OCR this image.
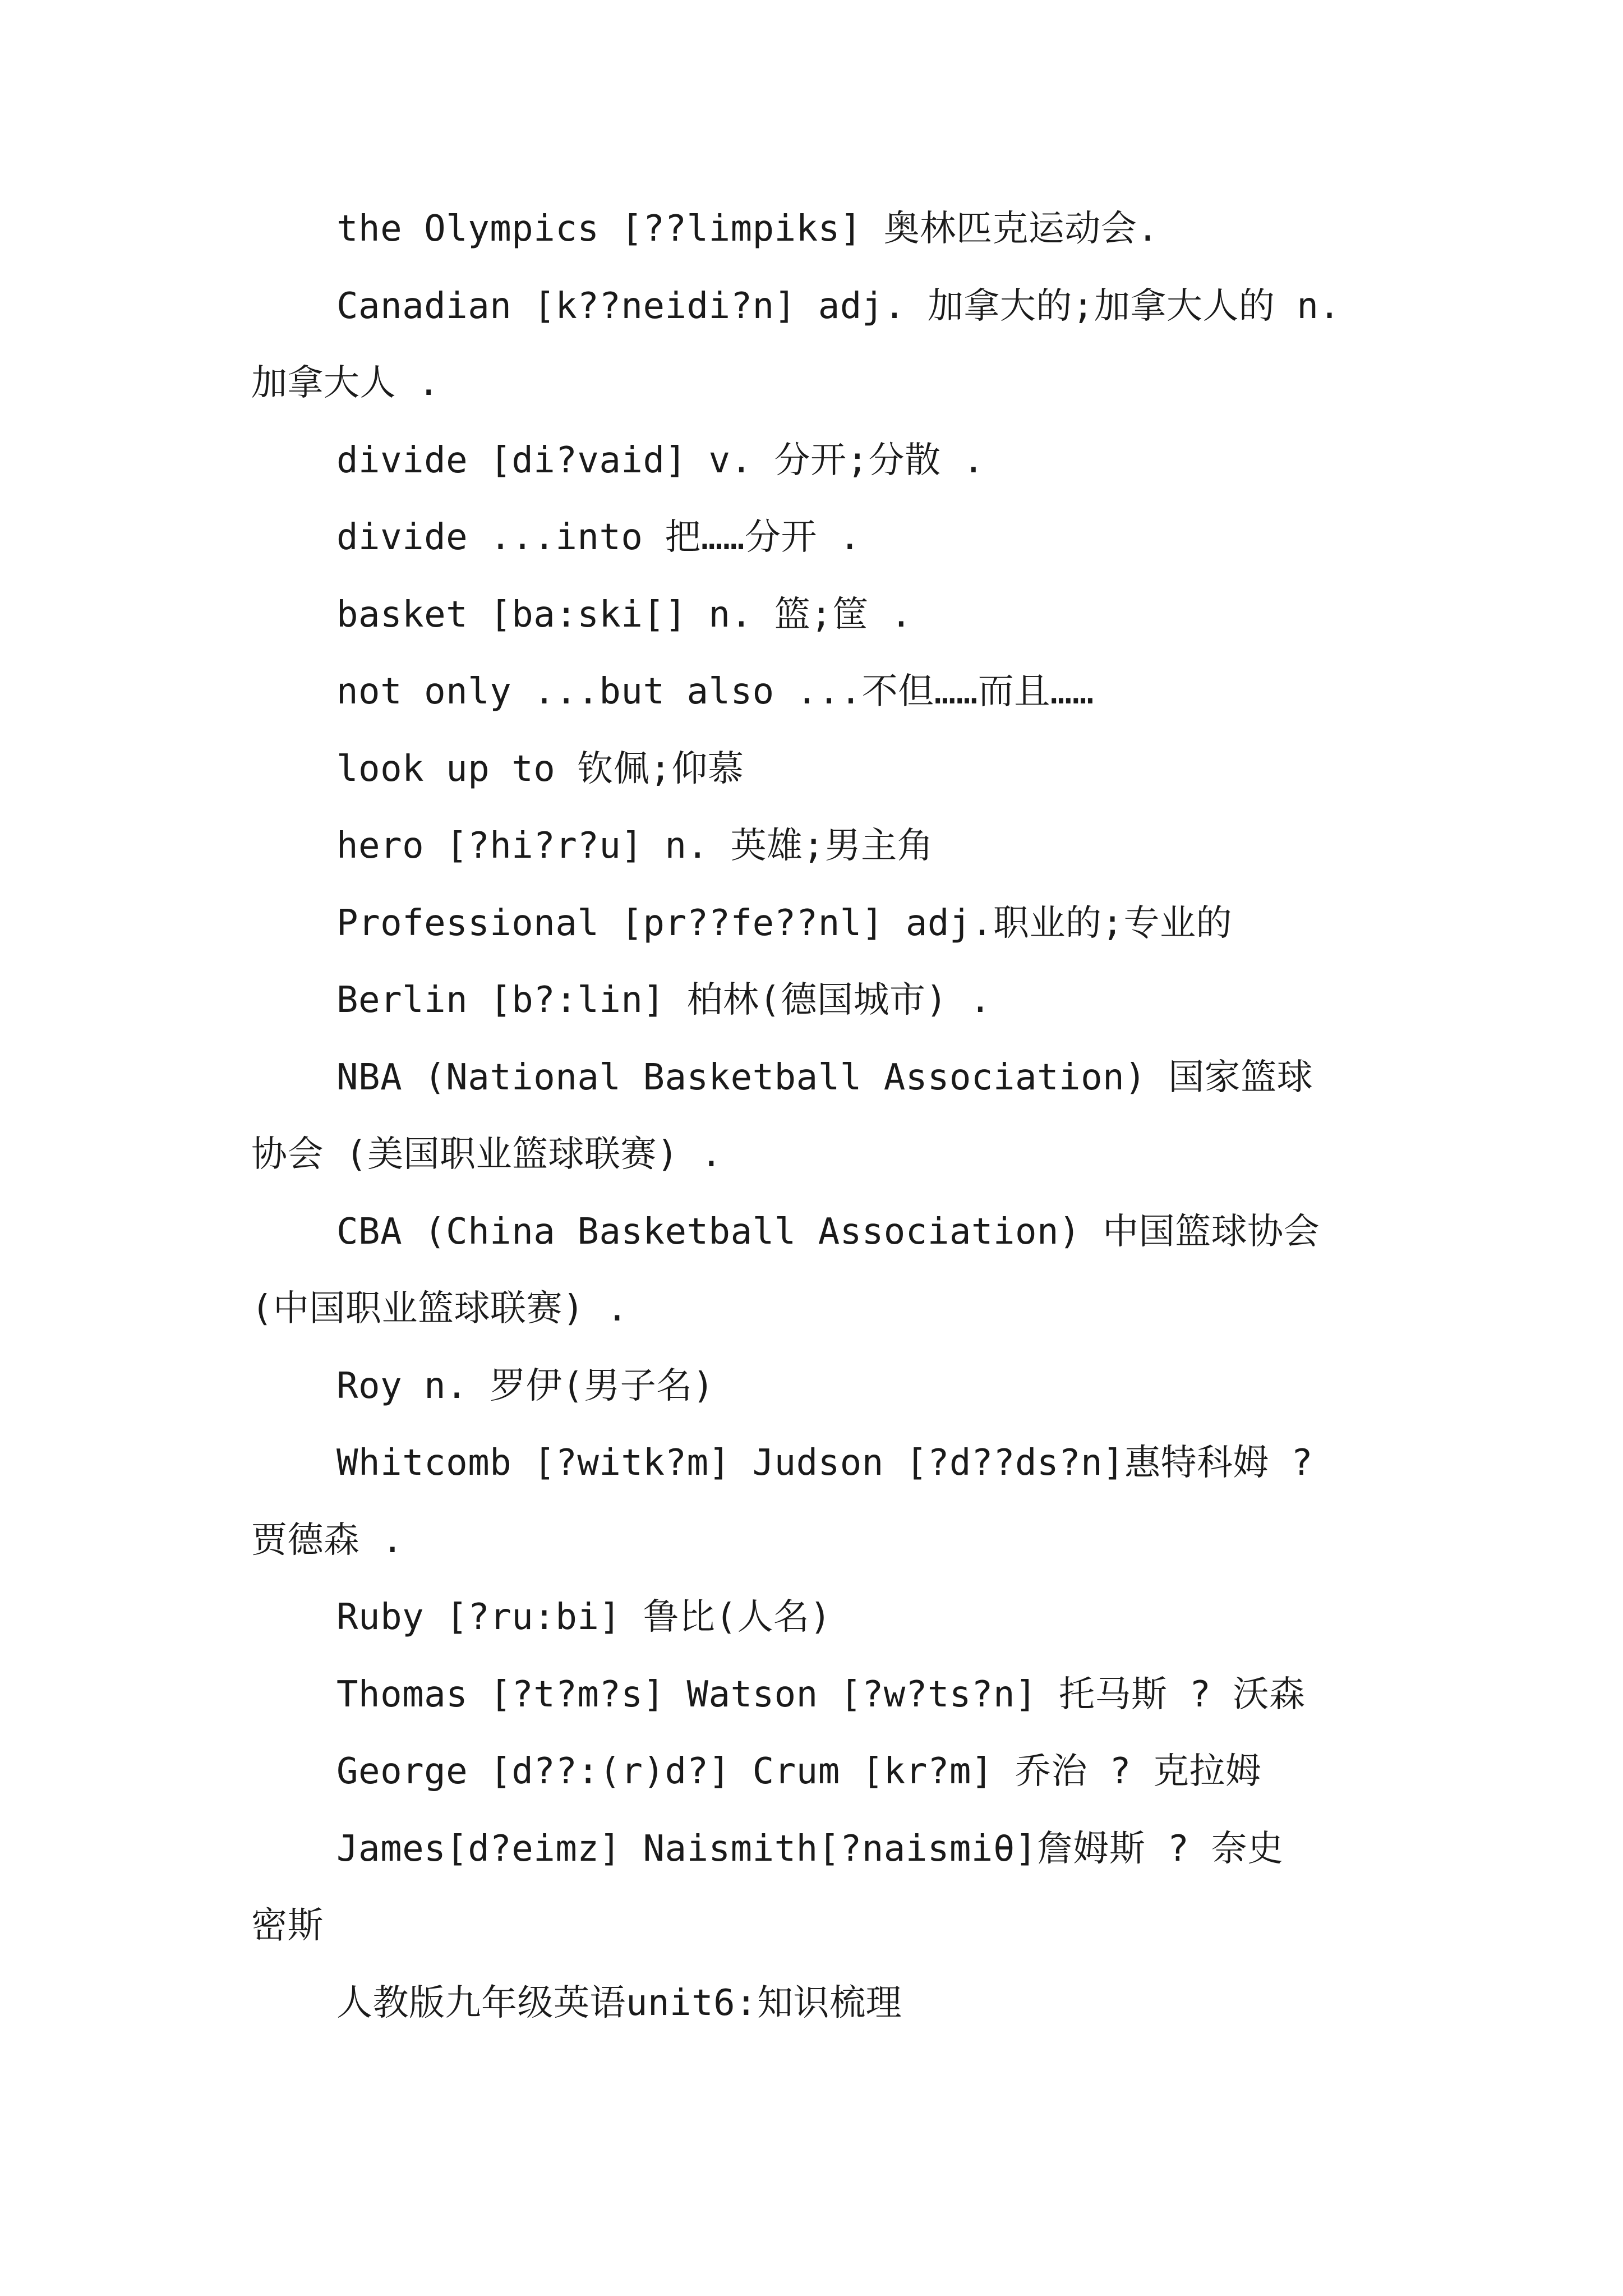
the Olympics [??limpiks] 奥林匹克运动会.
Canadian [k??neidi?n] adj. 加拿大的;加拿大人的 n.
加拿大人 .
divide [di?vaid] v. 分开;分散 .
divide ...into 把……分开 .
basket [ba:ski[] n. 篮;筐 .
not only ...but also ...不但……而且……
look up to 钦佩;仰慕
hero [?hi?r?u] n. 英雄;男主角
Professional [pr??fe??nl] adj.职业的;专业的
Berlin [b?:lin] 柏林(德国城市) .
NBA (National Basketball Association) 国家篮球
协会 (美国职业篮球联赛) .
CBA (China Basketball Association) 中国篮球协会
(中国职业篮球联赛) .
Roy n. 罗伊(男子名)
Whitcomb [?witk?m] Judson [?d??ds?n]惠特科姆 ?
贾德森 .
Ruby [?ru:bi] 鲁比(人名)
Thomas [?t?m?s] Watson [?w?ts?n] 托马斯 ? 沃森
George [d??:(r)d?] Crum [kr?m] 乔治 ? 克拉姆
James[d?eimz] Naismith[?naismiθ]詹姆斯 ? 奈史
密斯
人教版九年级英语unit6:知识梳理
